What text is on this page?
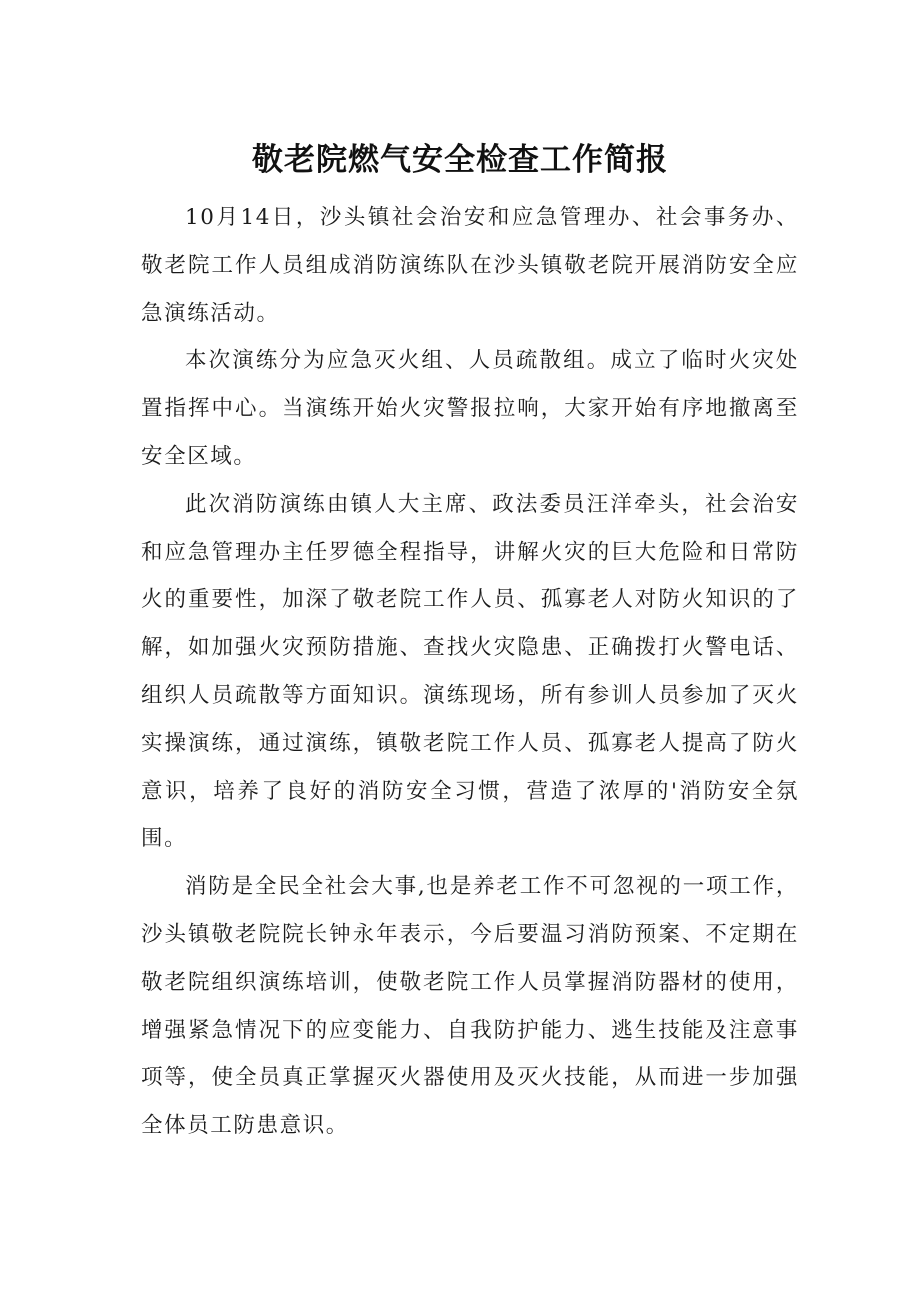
敬老院燃气安全检查工作简报

10月14日，沙头镇社会治安和应急管理办、社会事务办、敬老院工作人员组成消防演练队在沙头镇敬老院开展消防安全应急演练活动。

本次演练分为应急灭火组、人员疏散组。成立了临时火灾处置指挥中心。当演练开始火灾警报拉响，大家开始有序地撤离至安全区域。

此次消防演练由镇人大主席、政法委员汪洋牵头，社会治安和应急管理办主任罗德全程指导，讲解火灾的巨大危险和日常防火的重要性，加深了敬老院工作人员、孤寡老人对防火知识的了解，如加强火灾预防措施、查找火灾隐患、正确拨打火警电话、组织人员疏散等方面知识。演练现场，所有参训人员参加了灭火实操演练，通过演练，镇敬老院工作人员、孤寡老人提高了防火意识，培养了良好的消防安全习惯，营造了浓厚的'消防安全氛围。

消防是全民全社会大事,也是养老工作不可忽视的一项工作，沙头镇敬老院院长钟永年表示，今后要温习消防预案、不定期在敬老院组织演练培训，使敬老院工作人员掌握消防器材的使用，增强紧急情况下的应变能力、自我防护能力、逃生技能及注意事项等，使全员真正掌握灭火器使用及灭火技能，从而进一步加强全体员工防患意识。
